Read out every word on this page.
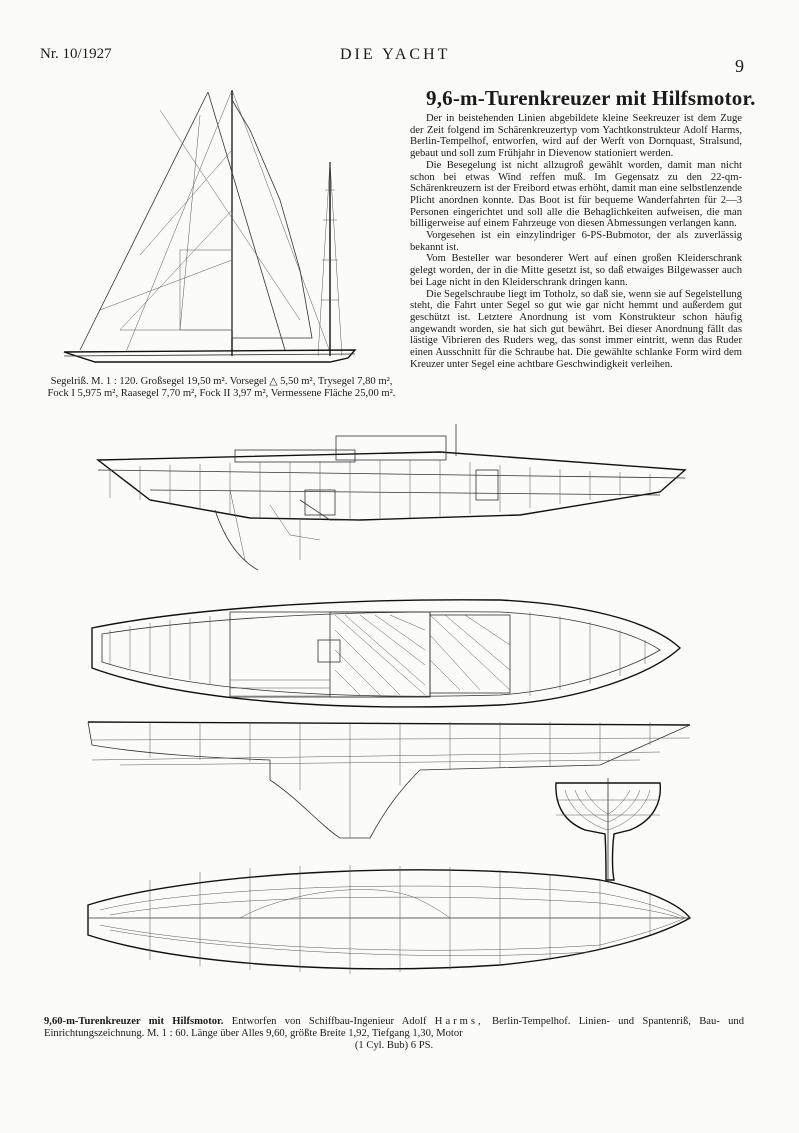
Nr. 10/1927	DIE YACHT
9
9,6-m-Turenkreuzer mit Hilfsmotor.

Der in beistehenden Linien abgebildete kleine Seekreuzer ist dem Zuge der Zeit folgend im Schärenkreuzertyp vom Yachtkonstrukteur Adolf Harms, Berlin-Tempelhof, entworfen, wird auf der Werft von Dornquast, Stralsund, gebaut und soll zum Frühjahr in Dievenow stationiert werden.

Die Besegelung ist nicht allzugroß gewählt worden, damit man nicht schon bei etwas Wind reffen muß. Im Gegensatz zu den 22-qm-Schärenkreuzern ist der Freibord etwas erhöht, damit man eine selbstlenzende Plicht anordnen konnte. Das Boot ist für bequeme Wanderfahrten für 2—3 Personen eingerichtet und soll alle die Behaglichkeiten aufweisen, die man billigerweise auf einem Fahrzeuge von diesen Abmessungen verlangen kann.

Vorgesehen ist ein einzylindriger 6-PS-Bubmotor, der als zuverlässig bekannt ist.

Vom Besteller war besonderer Wert auf einen großen Kleiderschrank gelegt worden, der in die Mitte gesetzt ist, so daß etwaiges Bilgewasser auch bei Lage nicht in den Kleiderschrank dringen kann.

Die Segelschraube liegt im Totholz, so daß sie, wenn sie auf Segelstellung steht, die Fahrt unter Segel so gut wie gar nicht hemmt und außerdem gut geschützt ist. Letztere Anordnung ist vom Konstrukteur schon häufig angewandt worden, sie hat sich gut bewährt. Bei dieser Anordnung fällt das lästige Vibrieren des Ruders weg, das sonst immer eintritt, wenn das Ruder einen Ausschnitt für die Schraube hat. Die gewählte schlanke Form wird dem Kreuzer unter Segel eine achtbare Geschwindigkeit verleihen.

Segelriß. M. 1 : 120. Großsegel 19,50 m². Vorsegel △ 5,50 m², Trysegel 7,80 m², Fock I 5,975 m², Raasegel 7,70 m², Fock II 3,97 m², Vermessene Fläche 25,00 m².
9,60-m-Turenkreuzer mit Hilfsmotor. Entworfen von Schiffbau-Ingenieur Adolf Harms, Berlin-Tempelhof. Linien- und Spantenriß, Bau- und Einrichtungszeichnung. M. 1 : 60. Länge über Alles 9,60, größte Breite 1,92, Tiefgang 1,30, Motor
(1 Cyl. Bub) 6 PS.
